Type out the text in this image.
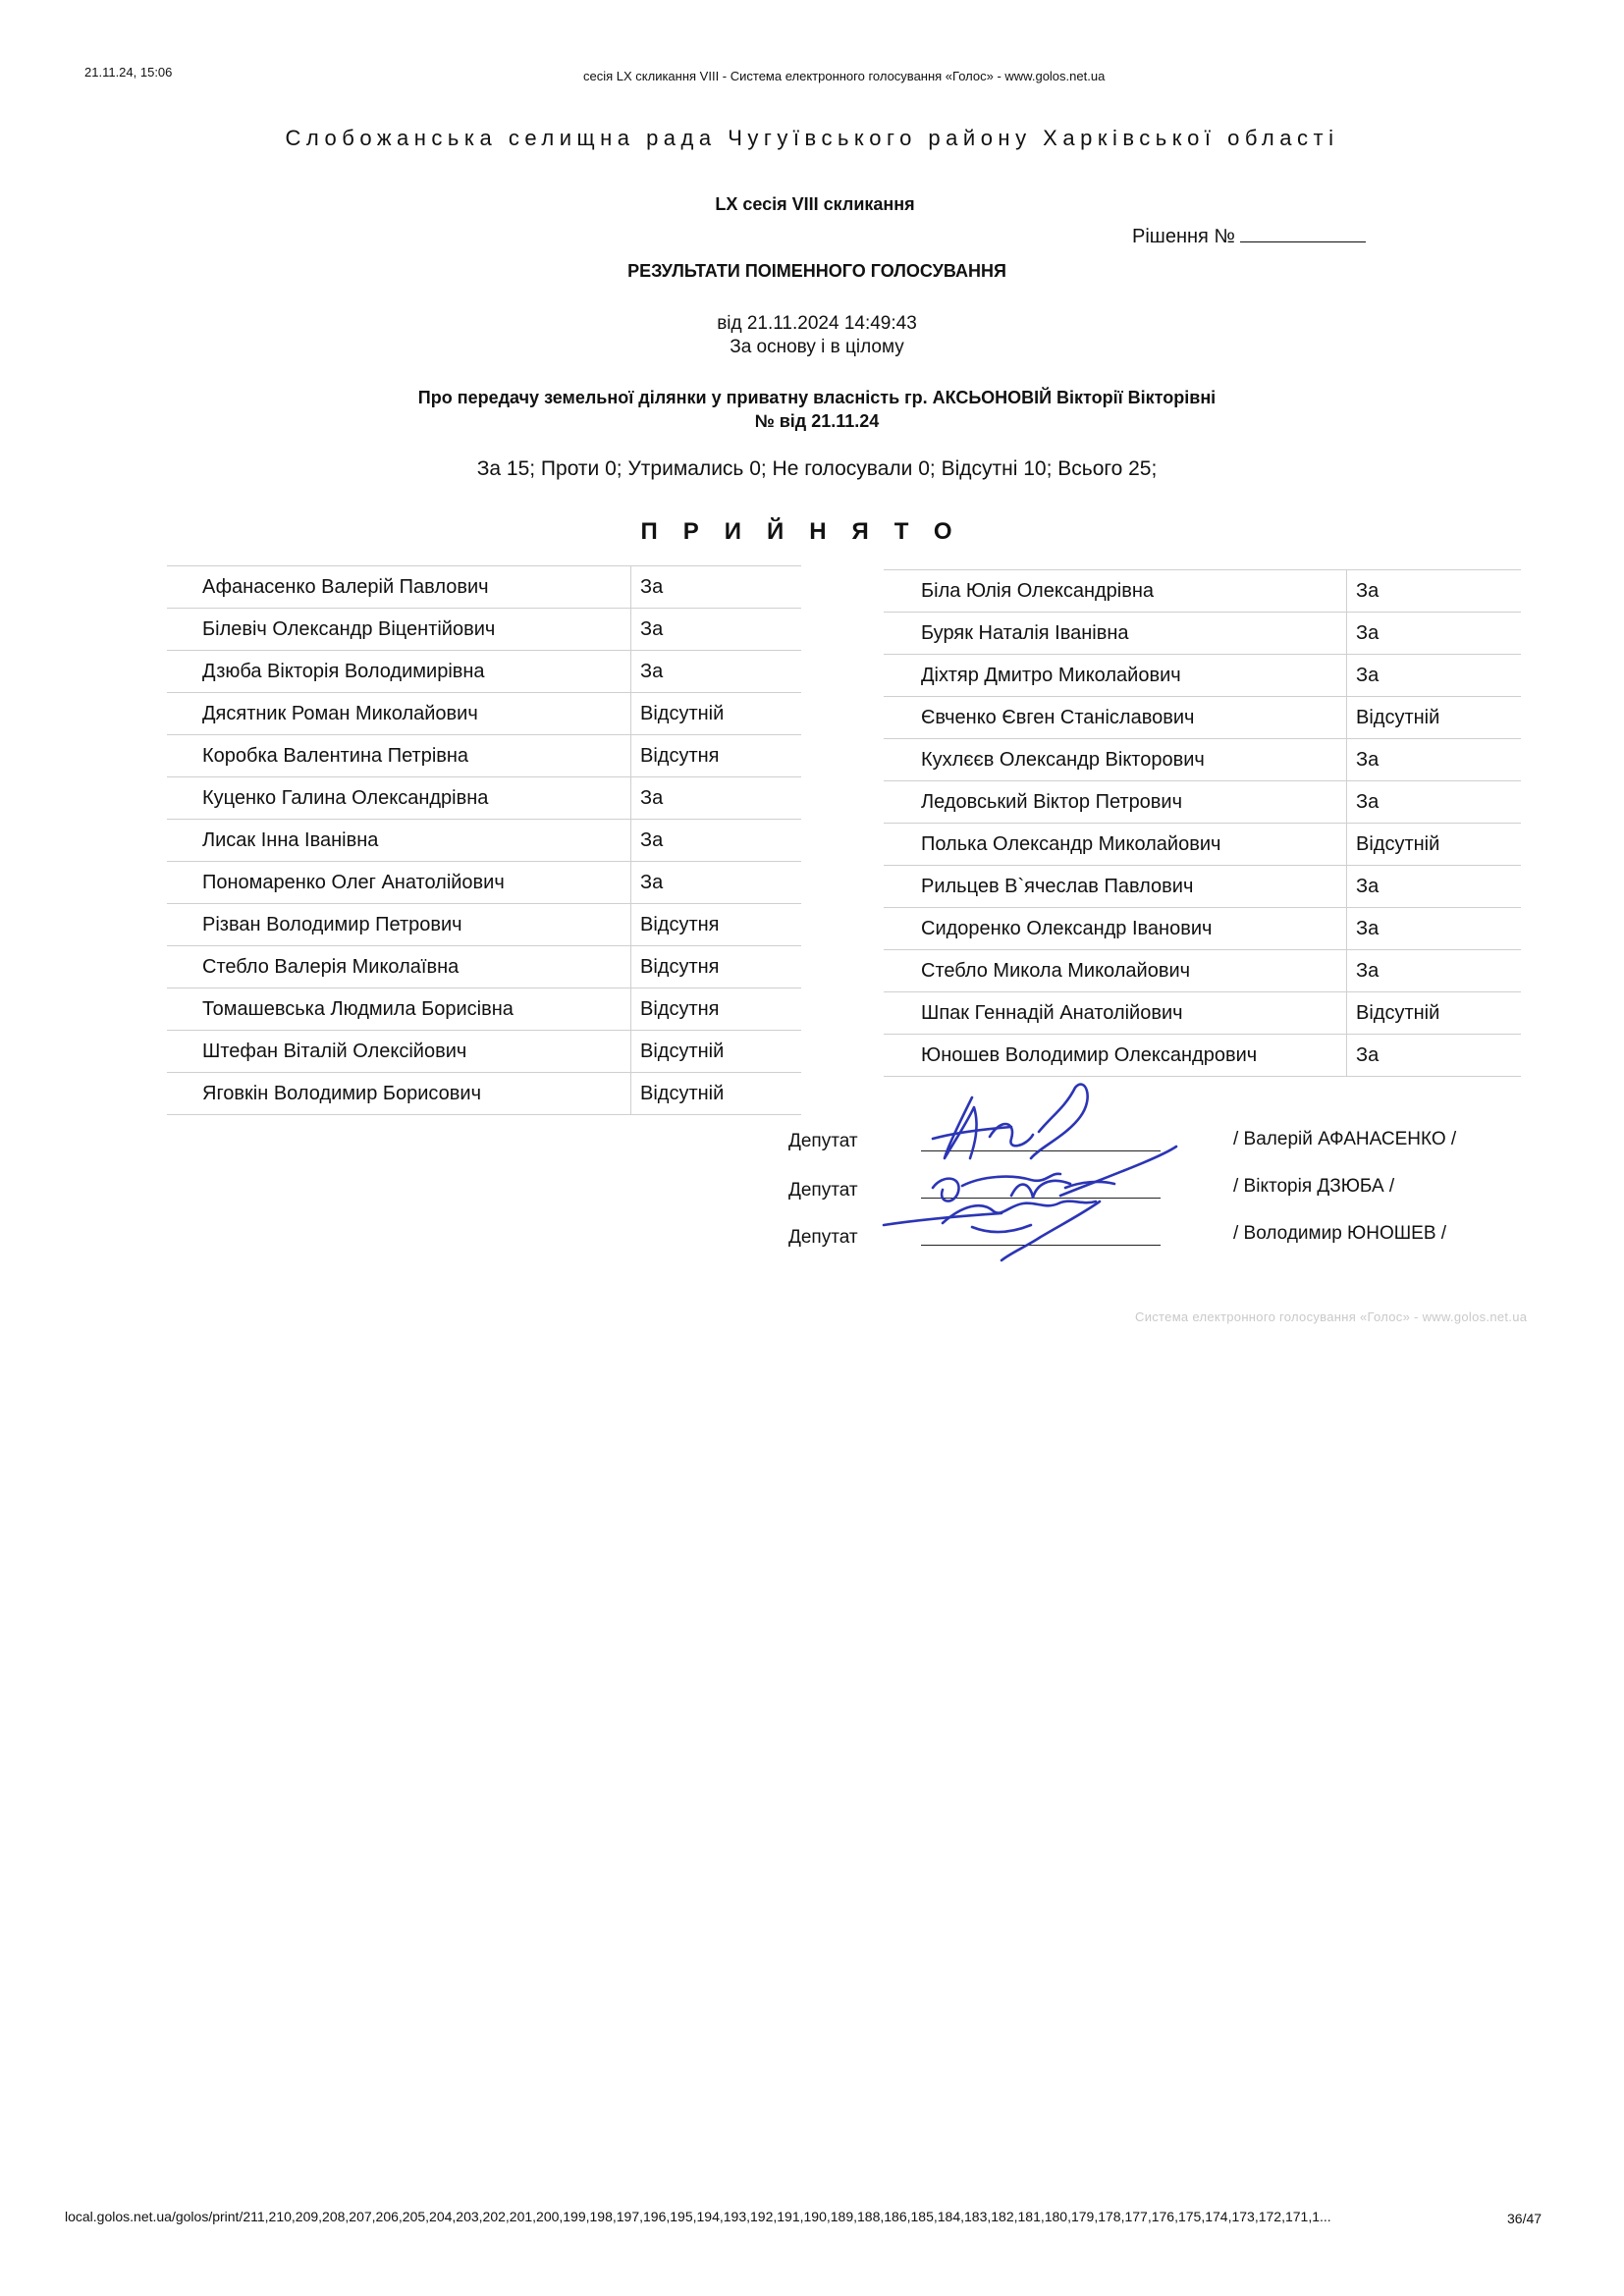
21.11.24, 15:06	сесія LX скликання VIII - Система електронного голосування «Голос» - www.golos.net.ua
Слобожанська селищна рада Чугуївського району Харківської області
LX сесія VIII скликання
Рішення №
РЕЗУЛЬТАТИ ПОІМЕННОГО ГОЛОСУВАННЯ
від 21.11.2024 14:49:43
За основу і в цілому
Про передачу земельної ділянки у приватну власність гр. АКСЬОНОВІЙ Вікторії Вікторівні
№ від 21.11.24
За 15; Проти 0; Утримались 0; Не голосували 0; Відсутні 10; Всього 25;
ПРИЙНЯТО
Афанасенко Валерій Павлович	За
Білевіч Олександр Віцентійович	За
Дзюба Вікторія Володимирівна	За
Дясятник Роман Миколайович	Відсутній
Коробка Валентина Петрівна	Відсутня
Куценко Галина Олександрівна	За
Лисак Інна Іванівна	За
Пономаренко Олег Анатолійович	За
Різван Володимир Петрович	Відсутня
Стебло Валерія Миколаївна	Відсутня
Томашевська Людмила Борисівна	Відсутня
Штефан Віталій Олексійович	Відсутній
Яговкін Володимир Борисович	Відсутній
Біла Юлія Олександрівна	За
Буряк Наталія Іванівна	За
Діхтяр Дмитро Миколайович	За
Євченко Євген Станіславович	Відсутній
Кухлєєв Олександр Вікторович	За
Ледовський Віктор Петрович	За
Полька Олександр Миколайович	Відсутній
Рильцев В`ячеслав Павлович	За
Сидоренко Олександр Іванович	За
Стебло Микола Миколайович	За
Шпак Геннадій Анатолійович	Відсутній
Юношев Володимир Олександрович	За
Депутат	/ Валерій АФАНАСЕНКО /
Депутат	/ Вікторія ДЗЮБА /
Депутат	/ Володимир ЮНОШЕВ /
Система електронного голосування «Голос» - www.golos.net.ua
local.golos.net.ua/golos/print/211,210,209,208,207,206,205,204,203,202,201,200,199,198,197,196,195,194,193,192,191,190,189,188,186,185,184,183,182,181,180,179,178,177,176,175,174,173,172,171,1...	36/47
